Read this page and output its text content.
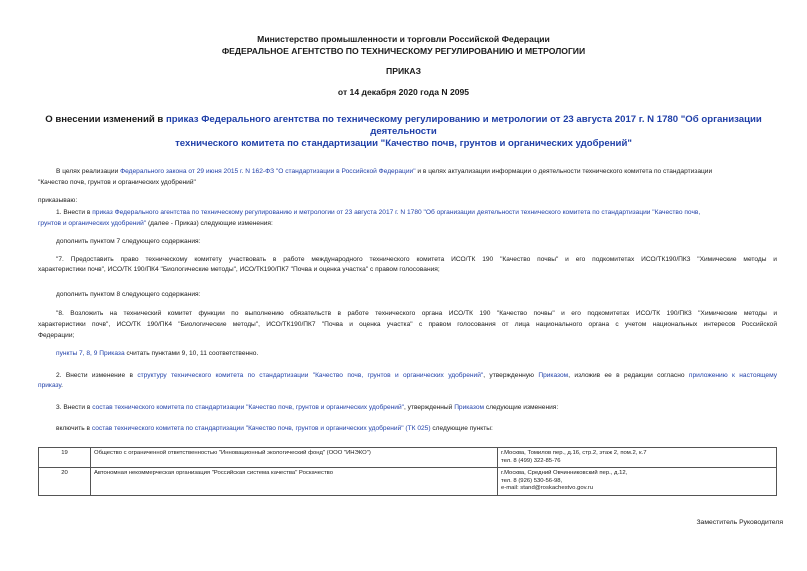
Министерство промышленности и торговли Российской Федерации
ФЕДЕРАЛЬНОЕ АГЕНТСТВО ПО ТЕХНИЧЕСКОМУ РЕГУЛИРОВАНИЮ И МЕТРОЛОГИИ
ПРИКАЗ
от 14 декабря 2020 года N 2095
О внесении изменений в приказ Федерального агентства по техническому регулированию и метрологии от 23 августа 2017 г. N 1780 "Об организации деятельности
технического комитета по стандартизации "Качество почв, грунтов и органических удобрений"
В целях реализации Федерального закона от 29 июня 2015 г. N 162-ФЗ "О стандартизации в Российской Федерации" и в целях актуализации информации о деятельности технического комитета по стандартизации
"Качество почв, грунтов и органических удобрений"
приказываю:
1. Внести в приказ Федерального агентства по техническому регулированию и метрологии от 23 августа 2017 г. N 1780 "Об организации деятельности технического комитета по стандартизации "Качество почв,
грунтов и органических удобрений" (далее - Приказ) следующие изменения:
дополнить пунктом 7 следующего содержания:
"7. Предоставить право техническому комитету участвовать в работе международного технического комитета ИСО/ТК 190 "Качество почвы" и его подкомитетах ИСО/ТК190/ПК3 "Химические методы и
характеристики почв", ИСО/ТК 190/ПК4 "Биологические методы", ИСО/ТК190/ПК7 "Почва и оценка участка" с правом голосования;
дополнить пунктом 8 следующего содержания:
"8. Возложить на технический комитет функции по выполнению обязательств в работе технического органа ИСО/ТК 190 "Качество почвы" и его подкомитетах ИСО/ТК 190/ПК3 "Химические методы и
характеристики почв", ИСО/ТК 190/ПК4 "Биологические методы", ИСО/ТК190/ПК7 "Почва и оценка участка" с правом голосования от лица национального органа с учетом национальных интересов Российской
Федерации;
пункты 7, 8, 9 Приказа считать пунктами 9, 10, 11 соответственно.
2. Внести изменение в структуру техничеcкого комитета по стандартизации "Качество почв, грунтов и органических удобрений", утвержденную Приказом, изложив ее в редакции согласно приложению к настоящему
приказу.
3. Внести в состав технического комитета по стандартизации "Качество почв, грунтов и органических удобрений", утвержденный Приказом следующие изменения:
включить в состав технического комитета по стандартизации "Качество почв, грунтов и органических удобрений" (ТК 025) следующие пункты:
19	Общество с ограниченной ответственностью "Инновационный экологический фонд" (ООО "ИНЭКО")	г.Москва, Томилов пер., д.16, стр.2, этаж 2, пом.2, к.7
тел. 8 (499) 322-85-76

20	Автономная некоммерческая организация "Российская система качества" Роскачество	г.Москва, Средний Овчинниковский пер., д.12,
тел. 8 (926) 530-56-98,
e-mail: stand@roskachestvo.gov.ru
Заместитель Руководителя
